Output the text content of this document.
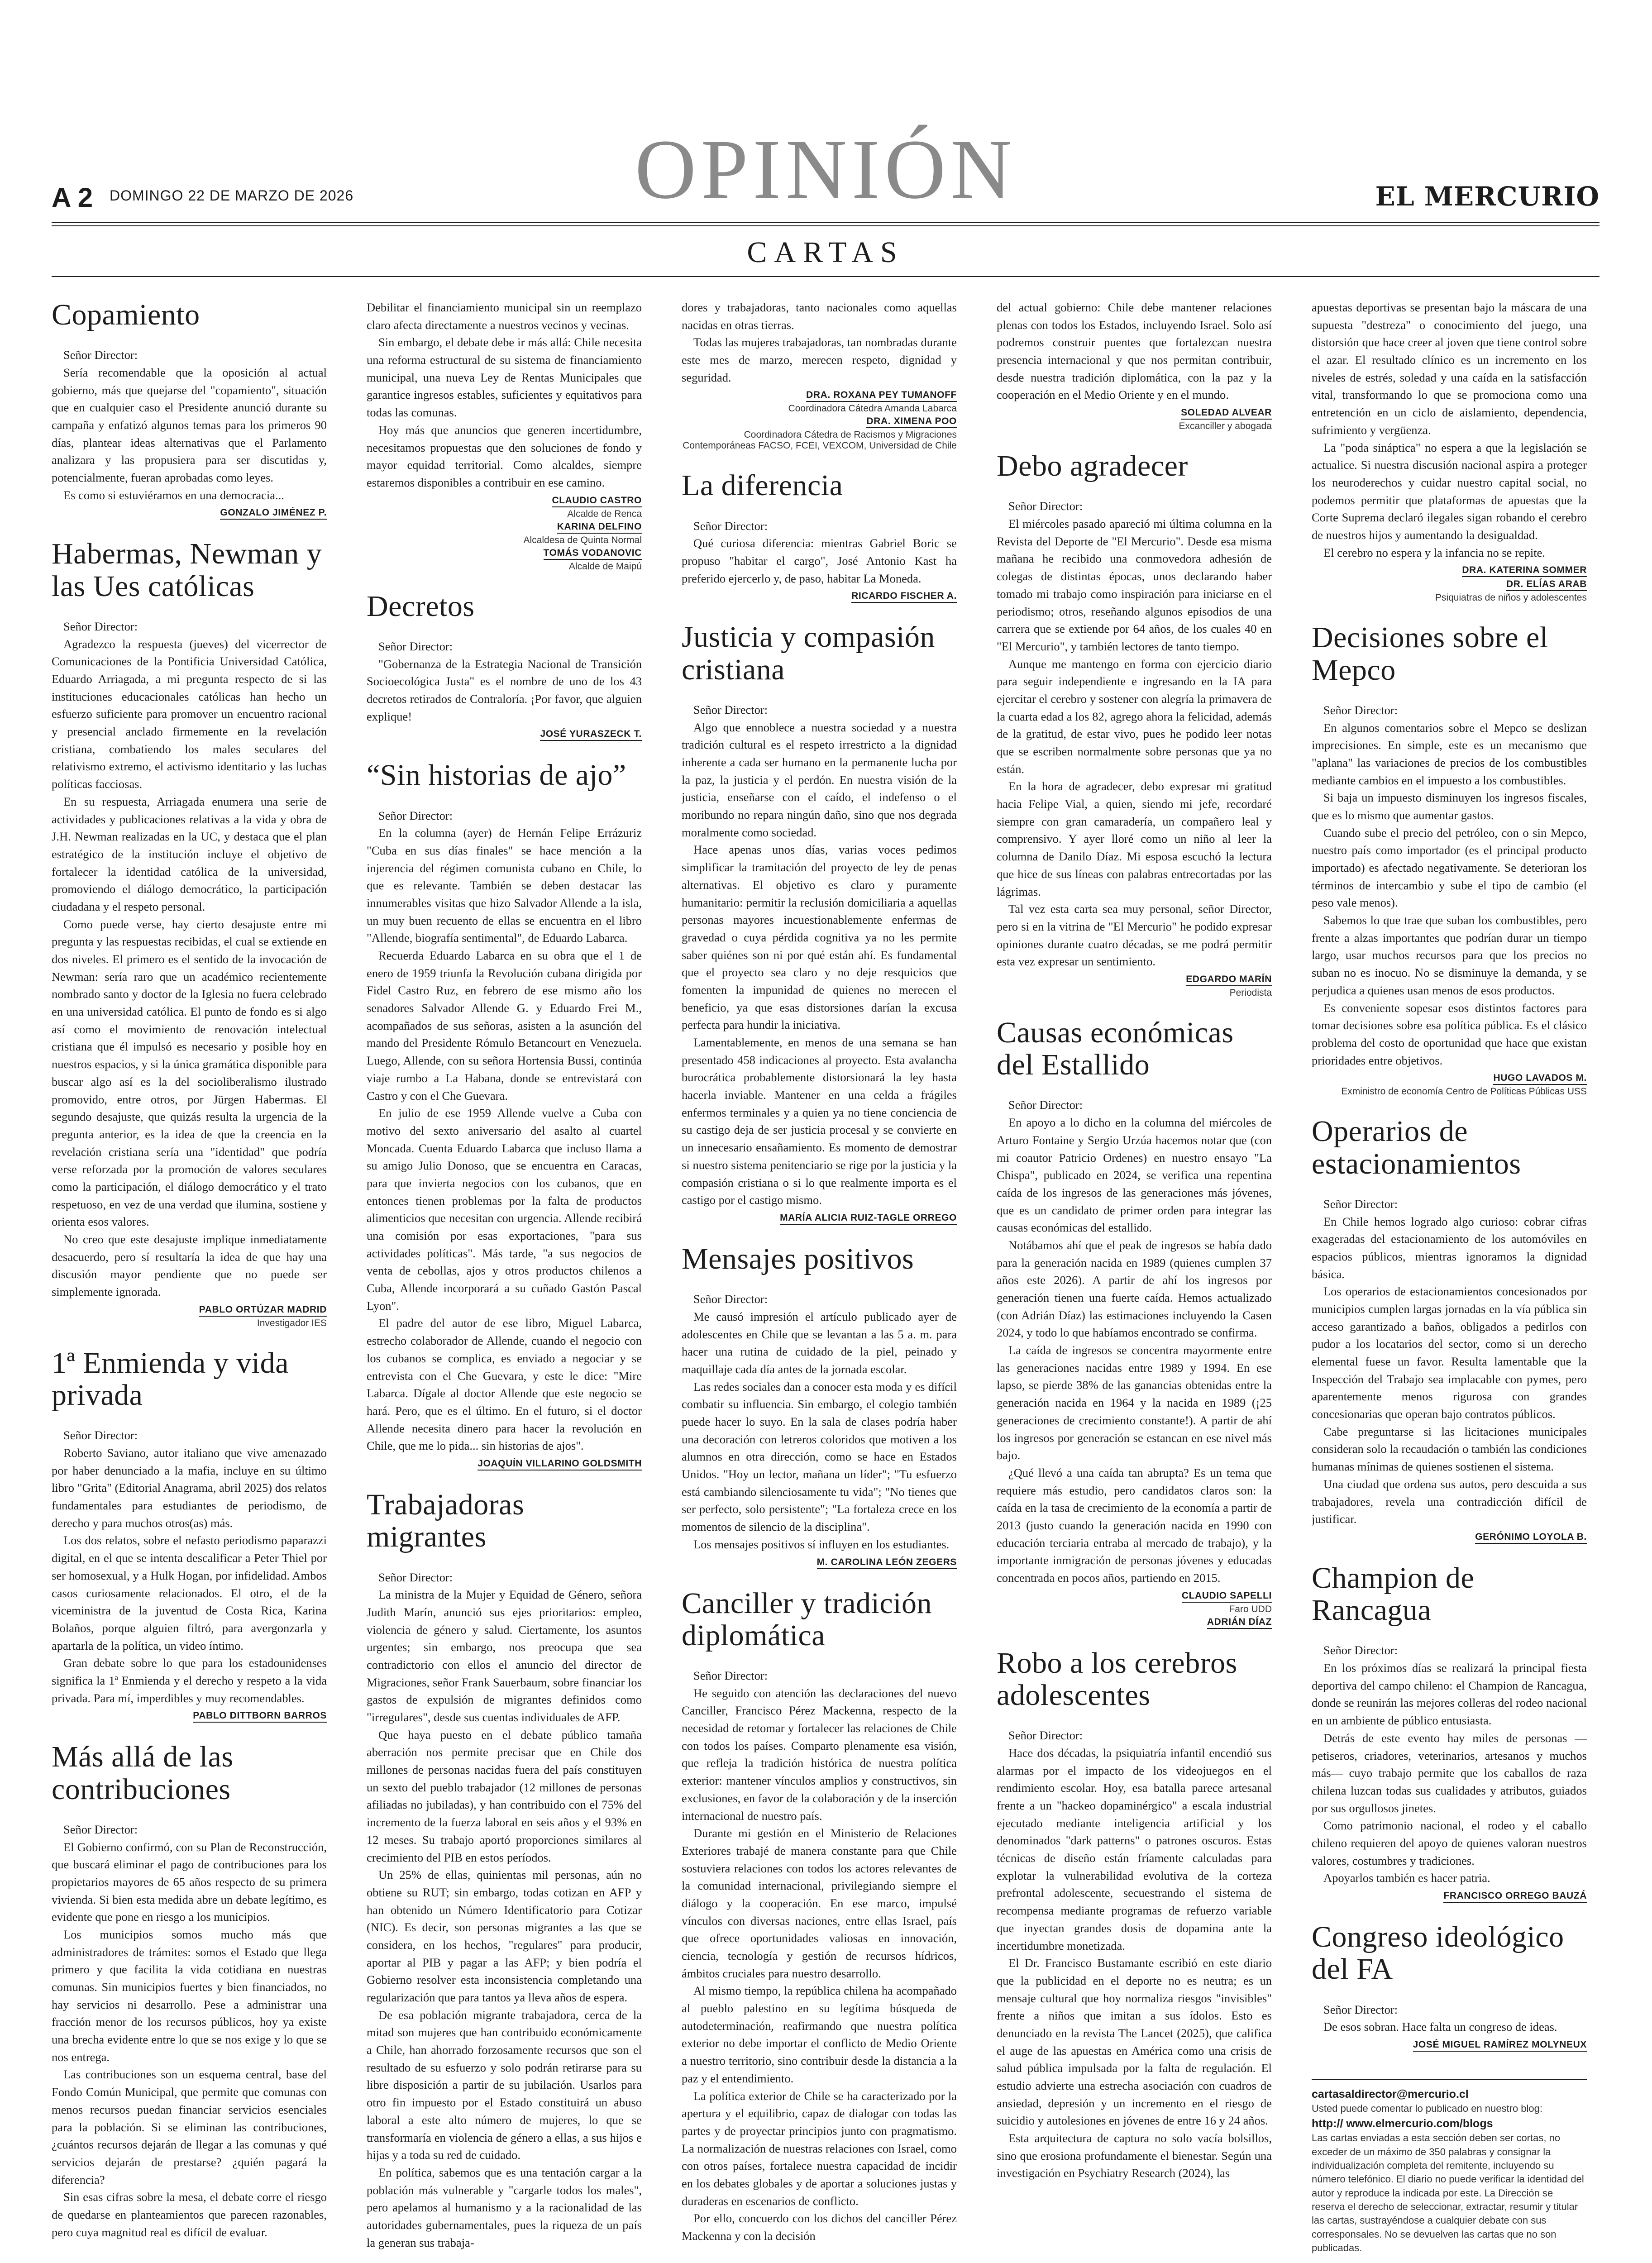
A 2 DOMINGO 22 DE MARZO DE 2026	OPINIÓN	EL MERCURIO
CARTAS
Copamiento

Señor Director:

Sería recomendable que la oposición al actual gobierno, más que quejarse del "copamiento", situación que en cualquier caso el Presidente anunció durante su campaña y enfatizó algunos temas para los primeros 90 días, plantear ideas alternativas que el Parlamento analizara y las propusiera para ser discutidas y, potencialmente, fueran aprobadas como leyes.

Es como si estuviéramos en una democracia...

GONZALO JIMÉNEZ P.
Habermas, Newman y las Ues católicas

Señor Director:

Agradezco la respuesta (jueves) del vicerrector de Comunicaciones de la Pontificia Universidad Católica, Eduardo Arriagada, a mi pregunta respecto de si las instituciones educacionales católicas han hecho un esfuerzo suficiente para promover un encuentro racional y presencial anclado firmemente en la revelación cristiana, combatiendo los males seculares del relativismo extremo, el activismo identitario y las luchas políticas facciosas.

En su respuesta, Arriagada enumera una serie de actividades y publicaciones relativas a la vida y obra de J.H. Newman realizadas en la UC, y destaca que el plan estratégico de la institución incluye el objetivo de fortalecer la identidad católica de la universidad, promoviendo el diálogo democrático, la participación ciudadana y el respeto personal.

Como puede verse, hay cierto desajuste entre mi pregunta y las respuestas recibidas, el cual se extiende en dos niveles. El primero es el sentido de la invocación de Newman: sería raro que un académico recientemente nombrado santo y doctor de la Iglesia no fuera celebrado en una universidad católica. El punto de fondo es si algo así como el movimiento de renovación intelectual cristiana que él impulsó es necesario y posible hoy en nuestros espacios, y si la única gramática disponible para buscar algo así es la del socioliberalismo ilustrado promovido, entre otros, por Jürgen Habermas. El segundo desajuste, que quizás resulta la urgencia de la pregunta anterior, es la idea de que la creencia en la revelación cristiana sería una "identidad" que podría verse reforzada por la promoción de valores seculares como la participación, el diálogo democrático y el trato respetuoso, en vez de una verdad que ilumina, sostiene y orienta esos valores.

No creo que este desajuste implique inmediatamente desacuerdo, pero sí resultaría la idea de que hay una discusión mayor pendiente que no puede ser simplemente ignorada.

PABLO ORTÚZAR MADRID
Investigador IES
1ª Enmienda y vida privada

Señor Director:

Roberto Saviano, autor italiano que vive amenazado por haber denunciado a la mafia, incluye en su último libro "Grita" (Editorial Anagrama, abril 2025) dos relatos fundamentales para estudiantes de periodismo, de derecho y para muchos otros(as) más.

Los dos relatos, sobre el nefasto periodismo paparazzi digital, en el que se intenta descalificar a Peter Thiel por ser homosexual, y a Hulk Hogan, por infidelidad. Ambos casos curiosamente relacionados. El otro, el de la viceministra de la juventud de Costa Rica, Karina Bolaños, porque alguien filtró, para avergonzarla y apartarla de la política, un video íntimo.

Gran debate sobre lo que para los estadounidenses significa la 1ª Enmienda y el derecho y respeto a la vida privada. Para mí, imperdibles y muy recomendables.

PABLO DITTBORN BARROS
Más allá de las contribuciones

Señor Director:

El Gobierno confirmó, con su Plan de Reconstrucción, que buscará eliminar el pago de contribuciones para los propietarios mayores de 65 años respecto de su primera vivienda. Si bien esta medida abre un debate legítimo, es evidente que pone en riesgo a los municipios.

Los municipios somos mucho más que administradores de trámites: somos el Estado que llega primero y que facilita la vida cotidiana en nuestras comunas. Sin municipios fuertes y bien financiados, no hay servicios ni desarrollo. Pese a administrar una fracción menor de los recursos públicos, hoy ya existe una brecha evidente entre lo que se nos exige y lo que se nos entrega.

Las contribuciones son un esquema central, base del Fondo Común Municipal, que permite que comunas con menos recursos puedan financiar servicios esenciales para la población. Si se eliminan las contribuciones, ¿cuántos recursos dejarán de llegar a las comunas y qué servicios dejarán de prestarse? ¿quién pagará la diferencia?

Sin esas cifras sobre la mesa, el debate corre el riesgo de quedarse en planteamientos que parecen razonables, pero cuya magnitud real es difícil de evaluar.

Debilitar el financiamiento municipal sin un reemplazo claro afecta directamente a nuestros vecinos y vecinas.

Sin embargo, el debate debe ir más allá: Chile necesita una reforma estructural de su sistema de financiamiento municipal, una nueva Ley de Rentas Municipales que garantice ingresos estables, suficientes y equitativos para todas las comunas.

Hoy más que anuncios que generen incertidumbre, necesitamos propuestas que den soluciones de fondo y mayor equidad territorial. Como alcaldes, siempre estaremos disponibles a contribuir en ese camino.

CLAUDIO CASTRO
Alcalde de Renca
KARINA DELFINO
Alcaldesa de Quinta Normal
TOMÁS VODANOVIC
Alcalde de Maipú
Decretos

Señor Director:

"Gobernanza de la Estrategia Nacional de Transición Socioecológica Justa" es el nombre de uno de los 43 decretos retirados de Contraloría. ¡Por favor, que alguien explique!

JOSÉ YURASZECK T.
“Sin historias de ajo”

Señor Director:

En la columna (ayer) de Hernán Felipe Errázuriz "Cuba en sus días finales" se hace mención a la injerencia del régimen comunista cubano en Chile, lo que es relevante. También se deben destacar las innumerables visitas que hizo Salvador Allende a la isla, un muy buen recuento de ellas se encuentra en el libro "Allende, biografía sentimental", de Eduardo Labarca.

Recuerda Eduardo Labarca en su obra que el 1 de enero de 1959 triunfa la Revolución cubana dirigida por Fidel Castro Ruz, en febrero de ese mismo año los senadores Salvador Allende G. y Eduardo Frei M., acompañados de sus señoras, asisten a la asunción del mando del Presidente Rómulo Betancourt en Venezuela. Luego, Allende, con su señora Hortensia Bussi, continúa viaje rumbo a La Habana, donde se entrevistará con Castro y con el Che Guevara.

En julio de ese 1959 Allende vuelve a Cuba con motivo del sexto aniversario del asalto al cuartel Moncada. Cuenta Eduardo Labarca que incluso llama a su amigo Julio Donoso, que se encuentra en Caracas, para que invierta negocios con los cubanos, que en entonces tienen problemas por la falta de productos alimenticios que necesitan con urgencia. Allende recibirá una comisión por esas exportaciones, "para sus actividades políticas". Más tarde, "a sus negocios de venta de cebollas, ajos y otros productos chilenos a Cuba, Allende incorporará a su cuñado Gastón Pascal Lyon".

El padre del autor de ese libro, Miguel Labarca, estrecho colaborador de Allende, cuando el negocio con los cubanos se complica, es enviado a negociar y se entrevista con el Che Guevara, y este le dice: "Mire Labarca. Dígale al doctor Allende que este negocio se hará. Pero, que es el último. En el futuro, si el doctor Allende necesita dinero para hacer la revolución en Chile, que me lo pida... sin historias de ajos".

JOAQUÍN VILLARINO GOLDSMITH
Trabajadoras migrantes

Señor Director:

La ministra de la Mujer y Equidad de Género, señora Judith Marín, anunció sus ejes prioritarios: empleo, violencia de género y salud. Ciertamente, los asuntos urgentes; sin embargo, nos preocupa que sea contradictorio con ellos el anuncio del director de Migraciones, señor Frank Sauerbaum, sobre financiar los gastos de expulsión de migrantes definidos como "irregulares", desde sus cuentas individuales de AFP.

Que haya puesto en el debate público tamaña aberración nos permite precisar que en Chile dos millones de personas nacidas fuera del país constituyen un sexto del pueblo trabajador (12 millones de personas afiliadas no jubiladas), y han contribuido con el 75% del incremento de la fuerza laboral en seis años y el 93% en 12 meses. Su trabajo aportó proporciones similares al crecimiento del PIB en estos períodos.

Un 25% de ellas, quinientas mil personas, aún no obtiene su RUT; sin embargo, todas cotizan en AFP y han obtenido un Número Identificatorio para Cotizar (NIC). Es decir, son personas migrantes a las que se considera, en los hechos, "regulares" para producir, aportar al PIB y pagar a las AFP; y bien podría el Gobierno resolver esta inconsistencia completando una regularización que para tantos ya lleva años de espera.

De esa población migrante trabajadora, cerca de la mitad son mujeres que han contribuido económicamente a Chile, han ahorrado forzosamente recursos que son el resultado de su esfuerzo y solo podrán retirarse para su libre disposición a partir de su jubilación. Usarlos para otro fin impuesto por el Estado constituirá un abuso laboral a este alto número de mujeres, lo que se transformaría en violencia de género a ellas, a sus hijos e hijas y a toda su red de cuidado.

En política, sabemos que es una tentación cargar a la población más vulnerable y "cargarle todos los males", pero apelamos al humanismo y a la racionalidad de las autoridades gubernamentales, pues la riqueza de un país la generan sus trabaja-

dores y trabajadoras, tanto nacionales como aquellas nacidas en otras tierras.

Todas las mujeres trabajadoras, tan nombradas durante este mes de marzo, merecen respeto, dignidad y seguridad.

DRA. ROXANA PEY TUMANOFF
Coordinadora Cátedra Amanda Labarca
DRA. XIMENA POO
Coordinadora Cátedra de Racismos y Migraciones Contemporáneas FACSO, FCEI, VEXCOM, Universidad de Chile
La diferencia

Señor Director:

Qué curiosa diferencia: mientras Gabriel Boric se propuso "habitar el cargo", José Antonio Kast ha preferido ejercerlo y, de paso, habitar La Moneda.

RICARDO FISCHER A.
Justicia y compasión cristiana

Señor Director:

Algo que ennoblece a nuestra sociedad y a nuestra tradición cultural es el respeto irrestricto a la dignidad inherente a cada ser humano en la permanente lucha por la paz, la justicia y el perdón. En nuestra visión de la justicia, enseñarse con el caído, el indefenso o el moribundo no repara ningún daño, sino que nos degrada moralmente como sociedad.

Hace apenas unos días, varias voces pedimos simplificar la tramitación del proyecto de ley de penas alternativas. El objetivo es claro y puramente humanitario: permitir la reclusión domiciliaria a aquellas personas mayores incuestionablemente enfermas de gravedad o cuya pérdida cognitiva ya no les permite saber quiénes son ni por qué están ahí. Es fundamental que el proyecto sea claro y no deje resquicios que fomenten la impunidad de quienes no merecen el beneficio, ya que esas distorsiones darían la excusa perfecta para hundir la iniciativa.

Lamentablemente, en menos de una semana se han presentado 458 indicaciones al proyecto. Esta avalancha burocrática probablemente distorsionará la ley hasta hacerla inviable. Mantener en una celda a frágiles enfermos terminales y a quien ya no tiene conciencia de su castigo deja de ser justicia procesal y se convierte en un innecesario ensañamiento. Es momento de demostrar si nuestro sistema penitenciario se rige por la justicia y la compasión cristiana o si lo que realmente importa es el castigo por el castigo mismo.

MARÍA ALICIA RUIZ-TAGLE ORREGO
Mensajes positivos

Señor Director:

Me causó impresión el artículo publicado ayer de adolescentes en Chile que se levantan a las 5 a. m. para hacer una rutina de cuidado de la piel, peinado y maquillaje cada día antes de la jornada escolar.

Las redes sociales dan a conocer esta moda y es difícil combatir su influencia. Sin embargo, el colegio también puede hacer lo suyo. En la sala de clases podría haber una decoración con letreros coloridos que motiven a los alumnos en otra dirección, como se hace en Estados Unidos. "Hoy un lector, mañana un líder"; "Tu esfuerzo está cambiando silenciosamente tu vida"; "No tienes que ser perfecto, solo persistente"; "La fortaleza crece en los momentos de silencio de la disciplina".

Los mensajes positivos sí influyen en los estudiantes.

M. CAROLINA LEÓN ZEGERS
Canciller y tradición diplomática

Señor Director:

He seguido con atención las declaraciones del nuevo Canciller, Francisco Pérez Mackenna, respecto de la necesidad de retomar y fortalecer las relaciones de Chile con todos los países. Comparto plenamente esa visión, que refleja la tradición histórica de nuestra política exterior: mantener vínculos amplios y constructivos, sin exclusiones, en favor de la colaboración y de la inserción internacional de nuestro país.

Durante mi gestión en el Ministerio de Relaciones Exteriores trabajé de manera constante para que Chile sostuviera relaciones con todos los actores relevantes de la comunidad internacional, privilegiando siempre el diálogo y la cooperación. En ese marco, impulsé vínculos con diversas naciones, entre ellas Israel, país que ofrece oportunidades valiosas en innovación, ciencia, tecnología y gestión de recursos hídricos, ámbitos cruciales para nuestro desarrollo.

Al mismo tiempo, la república chilena ha acompañado al pueblo palestino en su legítima búsqueda de autodeterminación, reafirmando que nuestra política exterior no debe importar el conflicto de Medio Oriente a nuestro territorio, sino contribuir desde la distancia a la paz y el entendimiento.

La política exterior de Chile se ha caracterizado por la apertura y el equilibrio, capaz de dialogar con todas las partes y de proyectar principios junto con pragmatismo. La normalización de nuestras relaciones con Israel, como con otros países, fortalece nuestra capacidad de incidir en los debates globales y de aportar a soluciones justas y duraderas en escenarios de conflicto.

Por ello, concuerdo con los dichos del canciller Pérez Mackenna y con la decisión

del actual gobierno: Chile debe mantener relaciones plenas con todos los Estados, incluyendo Israel. Solo así podremos construir puentes que fortalezcan nuestra presencia internacional y que nos permitan contribuir, desde nuestra tradición diplomática, con la paz y la cooperación en el Medio Oriente y en el mundo.

SOLEDAD ALVEAR
Excanciller y abogada
Debo agradecer

Señor Director:

El miércoles pasado apareció mi última columna en la Revista del Deporte de "El Mercurio". Desde esa misma mañana he recibido una conmovedora adhesión de colegas de distintas épocas, unos declarando haber tomado mi trabajo como inspiración para iniciarse en el periodismo; otros, reseñando algunos episodios de una carrera que se extiende por 64 años, de los cuales 40 en "El Mercurio", y también lectores de tanto tiempo.

Aunque me mantengo en forma con ejercicio diario para seguir independiente e ingresando en la IA para ejercitar el cerebro y sostener con alegría la primavera de la cuarta edad a los 82, agrego ahora la felicidad, además de la gratitud, de estar vivo, pues he podido leer notas que se escriben normalmente sobre personas que ya no están.

En la hora de agradecer, debo expresar mi gratitud hacia Felipe Vial, a quien, siendo mi jefe, recordaré siempre con gran camaradería, un compañero leal y comprensivo. Y ayer lloré como un niño al leer la columna de Danilo Díaz. Mi esposa escuchó la lectura que hice de sus líneas con palabras entrecortadas por las lágrimas.

Tal vez esta carta sea muy personal, señor Director, pero si en la vitrina de "El Mercurio" he podido expresar opiniones durante cuatro décadas, se me podrá permitir esta vez expresar un sentimiento.

EDGARDO MARÍN
Periodista
Causas económicas del Estallido

Señor Director:

En apoyo a lo dicho en la columna del miércoles de Arturo Fontaine y Sergio Urzúa hacemos notar que (con mi coautor Patricio Ordenes) en nuestro ensayo "La Chispa", publicado en 2024, se verifica una repentina caída de los ingresos de las generaciones más jóvenes, que es un candidato de primer orden para integrar las causas económicas del estallido.

Notábamos ahí que el peak de ingresos se había dado para la generación nacida en 1989 (quienes cumplen 37 años este 2026). A partir de ahí los ingresos por generación tienen una fuerte caída. Hemos actualizado (con Adrián Díaz) las estimaciones incluyendo la Casen 2024, y todo lo que habíamos encontrado se confirma.

La caída de ingresos se concentra mayormente entre las generaciones nacidas entre 1989 y 1994. En ese lapso, se pierde 38% de las ganancias obtenidas entre la generación nacida en 1964 y la nacida en 1989 (¡25 generaciones de crecimiento constante!). A partir de ahí los ingresos por generación se estancan en ese nivel más bajo.

¿Qué llevó a una caída tan abrupta? Es un tema que requiere más estudio, pero candidatos claros son: la caída en la tasa de crecimiento de la economía a partir de 2013 (justo cuando la generación nacida en 1990 con educación terciaria entraba al mercado de trabajo), y la importante inmigración de personas jóvenes y educadas concentrada en pocos años, partiendo en 2015.

CLAUDIO SAPELLI
Faro UDD
ADRIÁN DÍAZ
Robo a los cerebros adolescentes

Señor Director:

Hace dos décadas, la psiquiatría infantil encendió sus alarmas por el impacto de los videojuegos en el rendimiento escolar. Hoy, esa batalla parece artesanal frente a un "hackeo dopaminérgico" a escala industrial ejecutado mediante inteligencia artificial y los denominados "dark patterns" o patrones oscuros. Estas técnicas de diseño están fríamente calculadas para explotar la vulnerabilidad evolutiva de la corteza prefrontal adolescente, secuestrando el sistema de recompensa mediante programas de refuerzo variable que inyectan grandes dosis de dopamina ante la incertidumbre monetizada.

El Dr. Francisco Bustamante escribió en este diario que la publicidad en el deporte no es neutra; es un mensaje cultural que hoy normaliza riesgos "invisibles" frente a niños que imitan a sus ídolos. Esto es denunciado en la revista The Lancet (2025), que califica el auge de las apuestas en América como una crisis de salud pública impulsada por la falta de regulación. El estudio advierte una estrecha asociación con cuadros de ansiedad, depresión y un incremento en el riesgo de suicidio y autolesiones en jóvenes de entre 16 y 24 años.

Esta arquitectura de captura no solo vacía bolsillos, sino que erosiona profundamente el bienestar. Según una investigación en Psychiatry Research (2024), las

apuestas deportivas se presentan bajo la máscara de una supuesta "destreza" o conocimiento del juego, una distorsión que hace creer al joven que tiene control sobre el azar. El resultado clínico es un incremento en los niveles de estrés, soledad y una caída en la satisfacción vital, transformando lo que se promociona como una entretención en un ciclo de aislamiento, dependencia, sufrimiento y vergüenza.

La "poda sináptica" no espera a que la legislación se actualice. Si nuestra discusión nacional aspira a proteger los neuroderechos y cuidar nuestro capital social, no podemos permitir que plataformas de apuestas que la Corte Suprema declaró ilegales sigan robando el cerebro de nuestros hijos y aumentando la desigualdad.

El cerebro no espera y la infancia no se repite.

DRA. KATERINA SOMMER
DR. ELÍAS ARAB
Psiquiatras de niños y adolescentes
Decisiones sobre el Mepco

Señor Director:

En algunos comentarios sobre el Mepco se deslizan imprecisiones. En simple, este es un mecanismo que "aplana" las variaciones de precios de los combustibles mediante cambios en el impuesto a los combustibles.

Si baja un impuesto disminuyen los ingresos fiscales, que es lo mismo que aumentar gastos.

Cuando sube el precio del petróleo, con o sin Mepco, nuestro país como importador (es el principal producto importado) es afectado negativamente. Se deterioran los términos de intercambio y sube el tipo de cambio (el peso vale menos).

Sabemos lo que trae que suban los combustibles, pero frente a alzas importantes que podrían durar un tiempo largo, usar muchos recursos para que los precios no suban no es inocuo. No se disminuye la demanda, y se perjudica a quienes usan menos de esos productos.

Es conveniente sopesar esos distintos factores para tomar decisiones sobre esa política pública. Es el clásico problema del costo de oportunidad que hace que existan prioridades entre objetivos.

HUGO LAVADOS M.
Exministro de economía Centro de Políticas Públicas USS
Operarios de estacionamientos

Señor Director:

En Chile hemos logrado algo curioso: cobrar cifras exageradas del estacionamiento de los automóviles en espacios públicos, mientras ignoramos la dignidad básica.

Los operarios de estacionamientos concesionados por municipios cumplen largas jornadas en la vía pública sin acceso garantizado a baños, obligados a pedirlos con pudor a los locatarios del sector, como si un derecho elemental fuese un favor. Resulta lamentable que la Inspección del Trabajo sea implacable con pymes, pero aparentemente menos rigurosa con grandes concesionarias que operan bajo contratos públicos.

Cabe preguntarse si las licitaciones municipales consideran solo la recaudación o también las condiciones humanas mínimas de quienes sostienen el sistema.

Una ciudad que ordena sus autos, pero descuida a sus trabajadores, revela una contradicción difícil de justificar.

GERÓNIMO LOYOLA B.
Champion de Rancagua

Señor Director:

En los próximos días se realizará la principal fiesta deportiva del campo chileno: el Champion de Rancagua, donde se reunirán las mejores colleras del rodeo nacional en un ambiente de público entusiasta.

Detrás de este evento hay miles de personas —petiseros, criadores, veterinarios, artesanos y muchos más— cuyo trabajo permite que los caballos de raza chilena luzcan todas sus cualidades y atributos, guiados por sus orgullosos jinetes.

Como patrimonio nacional, el rodeo y el caballo chileno requieren del apoyo de quienes valoran nuestros valores, costumbres y tradiciones.

Apoyarlos también es hacer patria.

FRANCISCO ORREGO BAUZÁ
Congreso ideológico del FA

Señor Director:

De esos sobran. Hace falta un congreso de ideas.

JOSÉ MIGUEL RAMÍREZ MOLYNEUX
cartasaldirector@mercurio.cl
Usted puede comentar lo publicado en nuestro blog:
http:// www.elmercurio.com/blogs
Las cartas enviadas a esta sección deben ser cortas, no exceder de un máximo de 350 palabras y consignar la individualización completa del remitente, incluyendo su número telefónico. El diario no puede verificar la identidad del autor y reproduce la indicada por este. La Dirección se reserva el derecho de seleccionar, extractar, resumir y titular las cartas, sustrayéndose a cualquier debate con sus corresponsales. No se devuelven las cartas que no son publicadas.
